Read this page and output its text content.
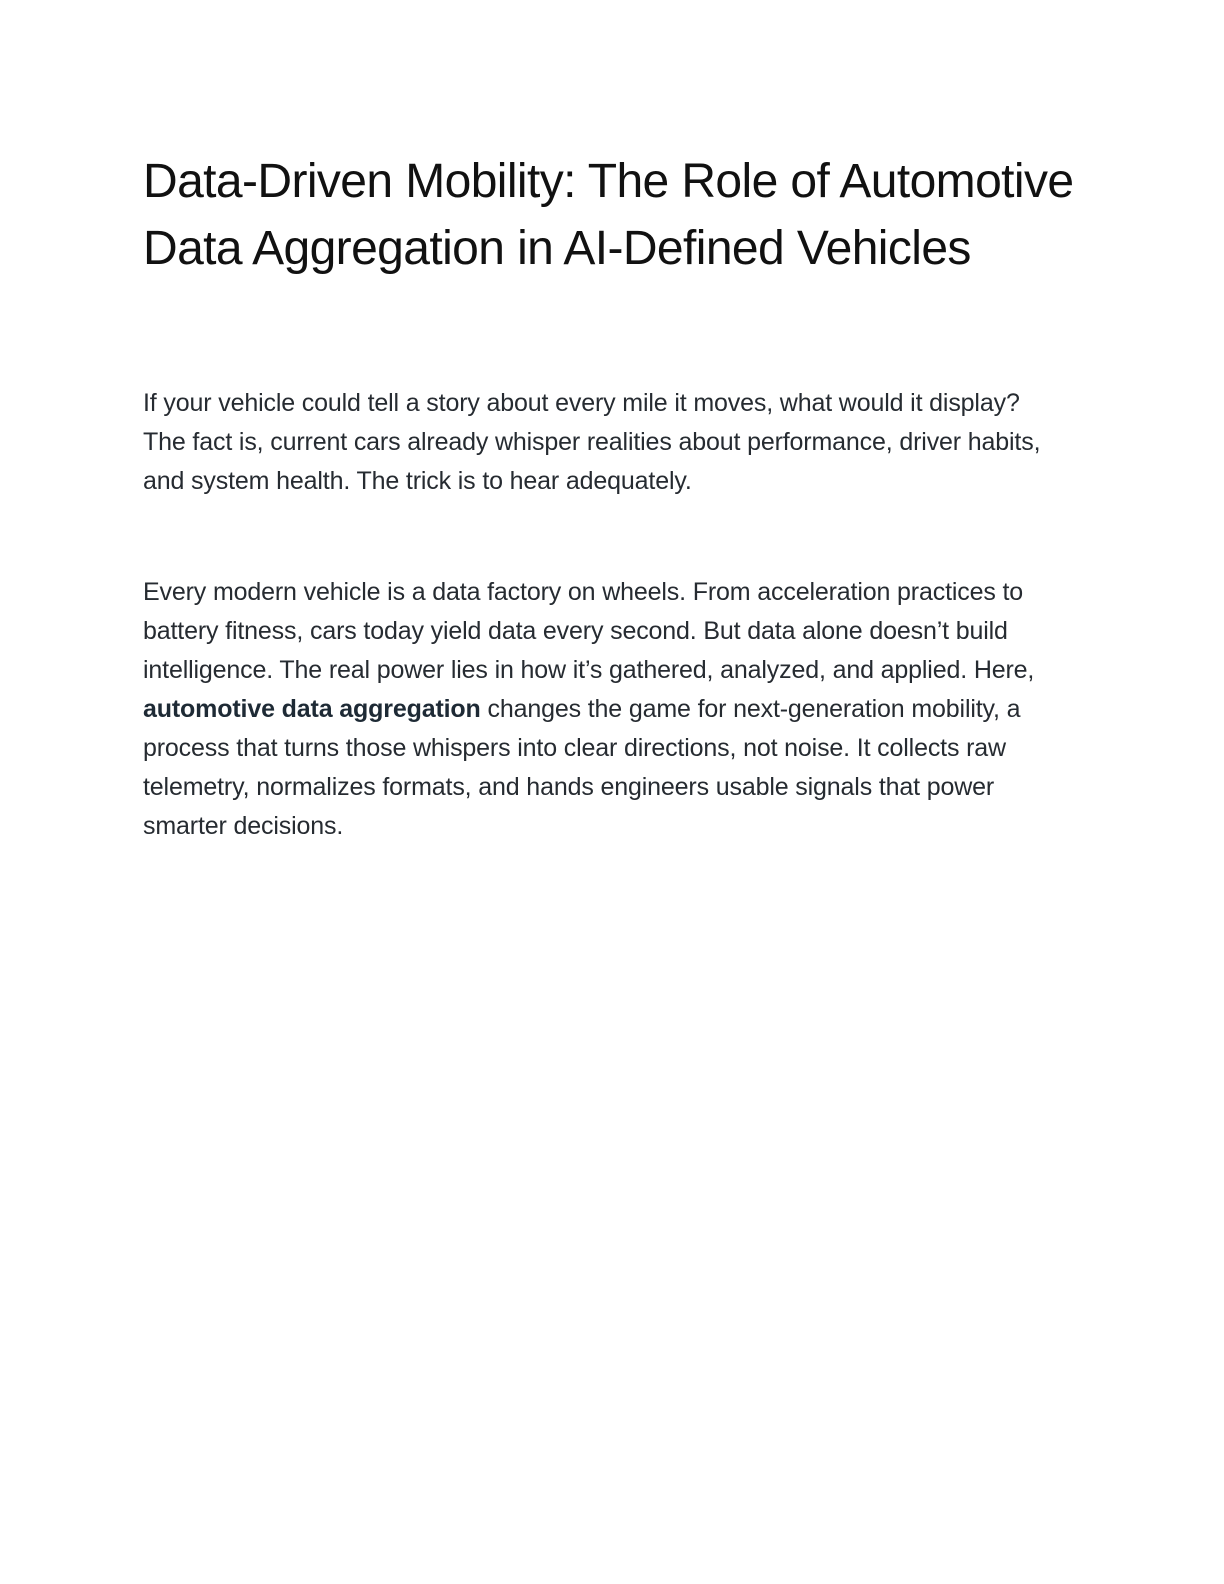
Data-Driven Mobility: The Role of Automotive Data Aggregation in AI-Defined Vehicles

If your vehicle could tell a story about every mile it moves, what would it display? The fact is, current cars already whisper realities about performance, driver habits, and system health. The trick is to hear adequately.

Every modern vehicle is a data factory on wheels. From acceleration practices to battery fitness, cars today yield data every second. But data alone doesn’t build intelligence. The real power lies in how it’s gathered, analyzed, and applied. Here, automotive data aggregation changes the game for next-generation mobility, a process that turns those whispers into clear directions, not noise. It collects raw telemetry, normalizes formats, and hands engineers usable signals that power smarter decisions.
